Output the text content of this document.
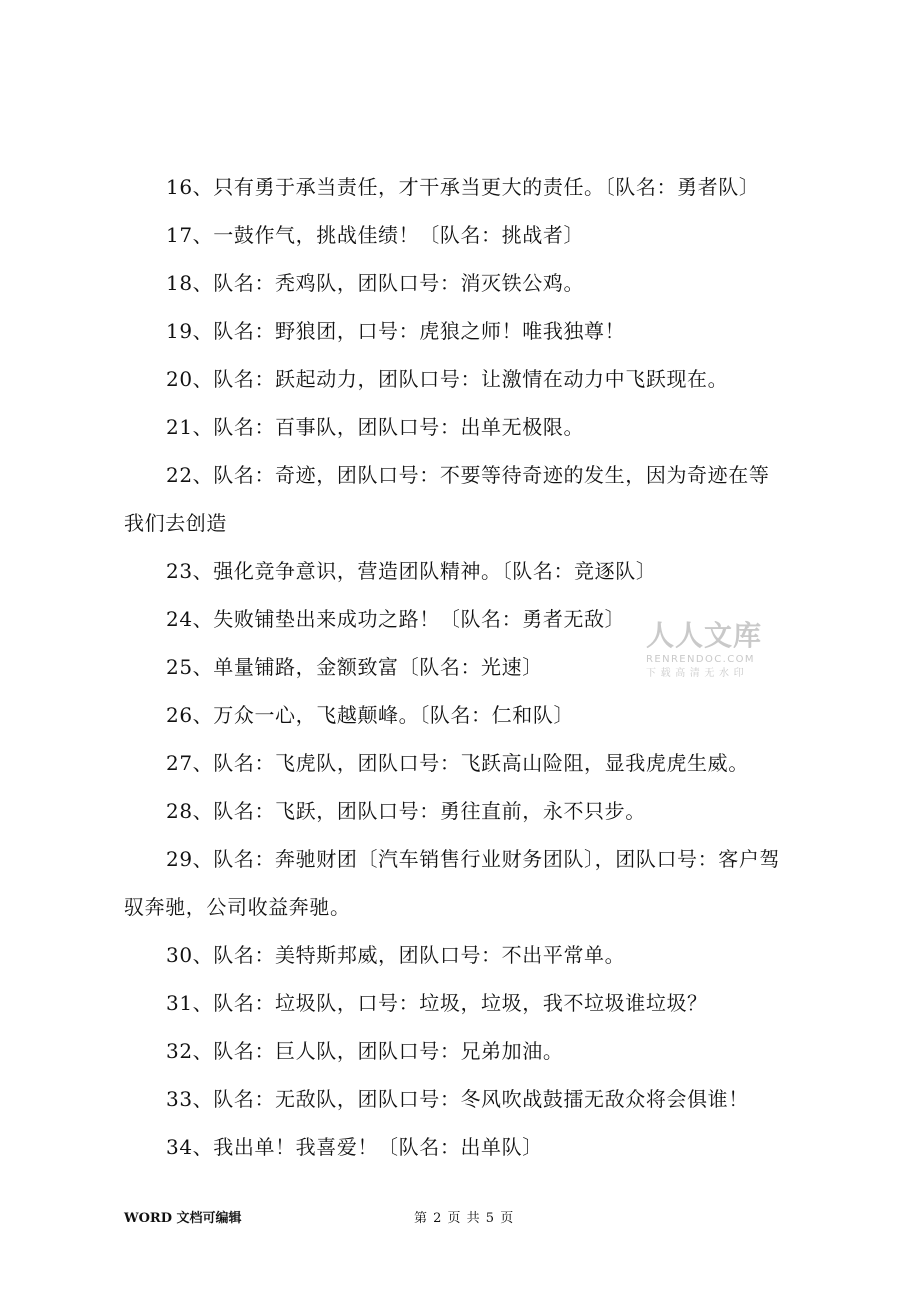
16、只有勇于承当责任，才干承当更大的责任。〔队名：勇者队〕
17、一鼓作气，挑战佳绩！〔队名：挑战者〕
18、队名：秃鸡队，团队口号：消灭铁公鸡。
19、队名：野狼团，口号：虎狼之师！唯我独尊！
20、队名：跃起动力，团队口号：让激情在动力中飞跃现在。
21、队名：百事队，团队口号：出单无极限。
22、队名：奇迹，团队口号：不要等待奇迹的发生，因为奇迹在等
我们去创造
23、强化竞争意识，营造团队精神。〔队名：竞逐队〕
24、失败铺垫出来成功之路！〔队名：勇者无敌〕
25、单量铺路，金额致富〔队名：光速〕
26、万众一心，飞越颠峰。〔队名：仁和队〕
27、队名：飞虎队，团队口号：飞跃高山险阻，显我虎虎生威。
28、队名：飞跃，团队口号：勇往直前，永不只步。
29、队名：奔驰财团〔汽车销售行业财务团队〕，团队口号：客户驾
驭奔驰，公司收益奔驰。
30、队名：美特斯邦威，团队口号：不出平常单。
31、队名：垃圾队，口号：垃圾，垃圾，我不垃圾谁垃圾？
32、队名：巨人队，团队口号：兄弟加油。
33、队名：无敌队，团队口号：冬风吹战鼓擂无敌众将会俱谁！
34、我出单！我喜爱！〔队名：出单队〕
人人文库
RENRENDOC.COM
下载高清无水印
WORD 文档可编辑	第 2 页 共 5 页
